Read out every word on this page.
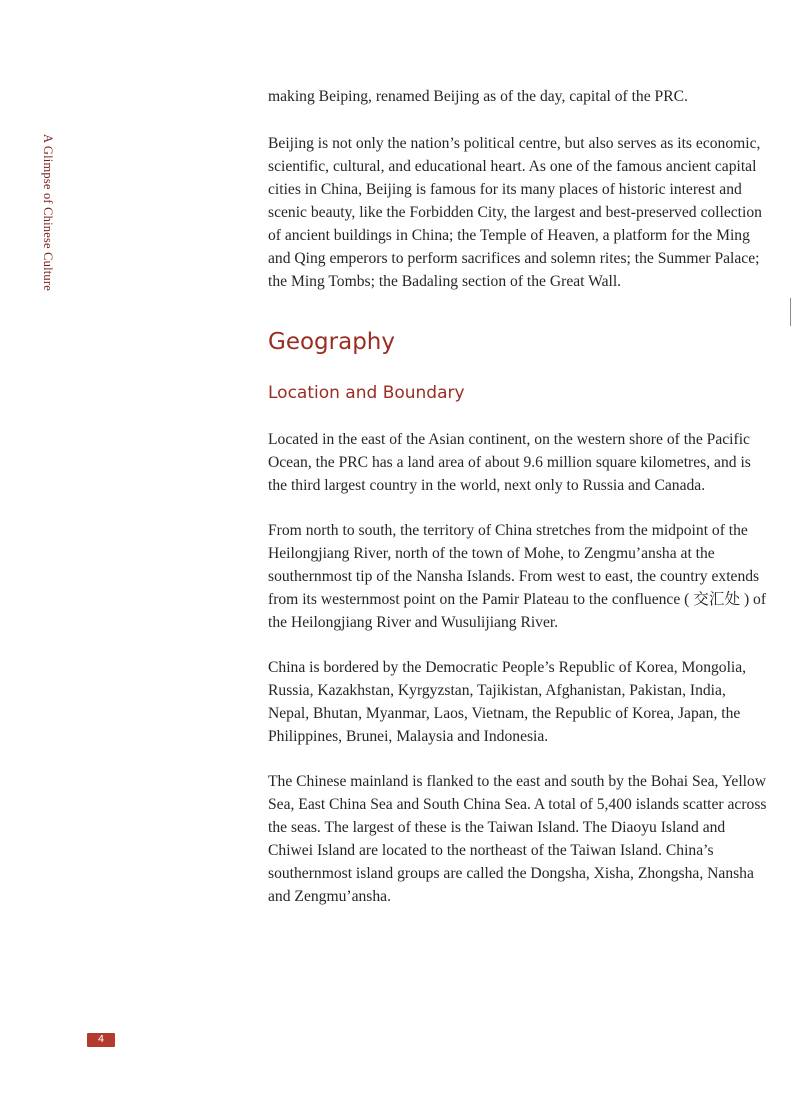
A Glimpse of Chinese Culture

making Beiping, renamed Beijing as of the day, capital of the PRC.

Beijing is not only the nation’s political centre, but also serves as its economic, scientific, cultural, and educational heart. As one of the famous ancient capital cities in China, Beijing is famous for its many places of historic interest and scenic beauty, like the Forbidden City, the largest and best-preserved collection of ancient buildings in China; the Temple of Heaven, a platform for the Ming and Qing emperors to perform sacrifices and solemn rites; the Summer Palace; the Ming Tombs; the Badaling section of the Great Wall.

Geography
Location and Boundary

Located in the east of the Asian continent, on the western shore of the Pacific Ocean, the PRC has a land area of about 9.6 million square kilometres, and is the third largest country in the world, next only to Russia and Canada.

From north to south, the territory of China stretches from the midpoint of the Heilongjiang River, north of the town of Mohe, to Zengmu’ansha at the southernmost tip of the Nansha Islands. From west to east, the country extends from its westernmost point on the Pamir Plateau to the confluence ( 交汇处 ) of the Heilongjiang River and Wusulijiang River.

China is bordered by the Democratic People’s Republic of Korea, Mongolia, Russia, Kazakhstan, Kyrgyzstan, Tajikistan, Afghanistan, Pakistan, India, Nepal, Bhutan, Myanmar, Laos, Vietnam, the Republic of Korea, Japan, the Philippines, Brunei, Malaysia and Indonesia.

The Chinese mainland is flanked to the east and south by the Bohai Sea, Yellow Sea, East China Sea and South China Sea. A total of 5,400 islands scatter across the seas. The largest of these is the Taiwan Island. The Diaoyu Island and Chiwei Island are located to the northeast of the Taiwan Island. China’s southernmost island groups are called the Dongsha, Xisha, Zhongsha, Nansha and Zengmu’ansha.

4
